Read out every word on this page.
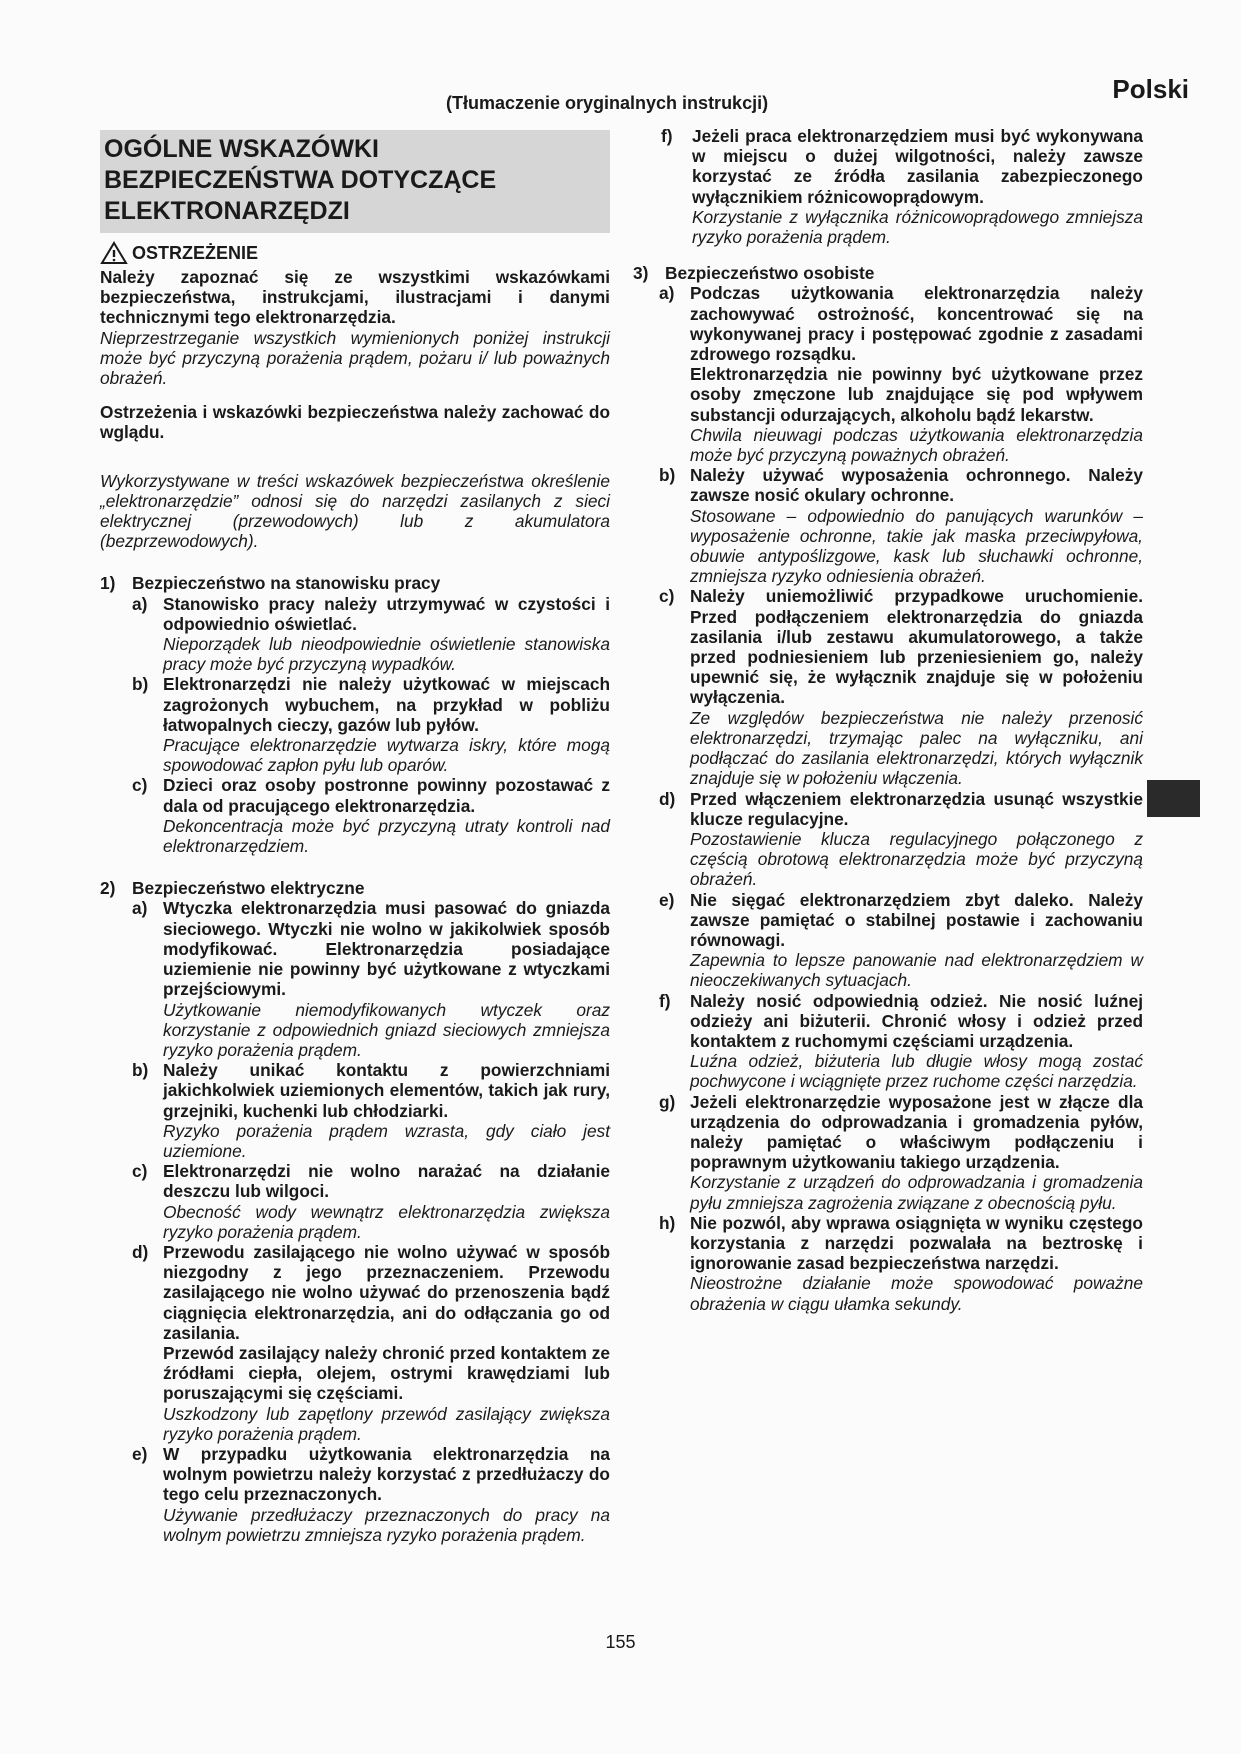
Polski
(Tłumaczenie oryginalnych instrukcji)
OGÓLNE WSKAZÓWKI BEZPIECZEŃSTWA DOTYCZĄCE ELEKTRONARZĘDZI
OSTRZEŻENIE

Należy zapoznać się ze wszystkimi wskazówkami bezpieczeństwa, instrukcjami, ilustracjami i danymi technicznymi tego elektronarzędzia.

Nieprzestrzeganie wszystkich wymienionych poniżej instrukcji może być przyczyną porażenia prądem, pożaru i/ lub poważnych obrażeń.

Ostrzeżenia i wskazówki bezpieczeństwa należy zachować do wglądu.

Wykorzystywane w treści wskazówek bezpieczeństwa określenie „elektronarzędzie” odnosi się do narzędzi zasilanych z sieci elektrycznej (przewodowych) lub z akumulatora (bezprzewodowych).

1) Bezpieczeństwo na stanowisku pracy
a) Stanowisko pracy należy utrzymywać w czystości i odpowiednio oświetlać.

Nieporządek lub nieodpowiednie oświetlenie stanowiska pracy może być przyczyną wypadków.

b) Elektronarzędzi nie należy użytkować w miejscach zagrożonych wybuchem, na przykład w pobliżu łatwopalnych cieczy, gazów lub pyłów.

Pracujące elektronarzędzie wytwarza iskry, które mogą spowodować zapłon pyłu lub oparów.

c) Dzieci oraz osoby postronne powinny pozostawać z dala od pracującego elektronarzędzia.

Dekoncentracja może być przyczyną utraty kontroli nad elektronarzędziem.

2) Bezpieczeństwo elektryczne
a) Wtyczka elektronarzędzia musi pasować do gniazda sieciowego. Wtyczki nie wolno w jakikolwiek sposób modyfikować. Elektronarzędzia posiadające uziemienie nie powinny być użytkowane z wtyczkami przejściowymi.

Użytkowanie niemodyfikowanych wtyczek oraz korzystanie z odpowiednich gniazd sieciowych zmniejsza ryzyko porażenia prądem.

b) Należy unikać kontaktu z powierzchniami jakichkolwiek uziemionych elementów, takich jak rury, grzejniki, kuchenki lub chłodziarki.

Ryzyko porażenia prądem wzrasta, gdy ciało jest uziemione.

c) Elektronarzędzi nie wolno narażać na działanie deszczu lub wilgoci.

Obecność wody wewnątrz elektronarzędzia zwiększa ryzyko porażenia prądem.

d) Przewodu zasilającego nie wolno używać w sposób niezgodny z jego przeznaczeniem. Przewodu zasilającego nie wolno używać do przenoszenia bądź ciągnięcia elektronarzędzia, ani do odłączania go od zasilania.

Przewód zasilający należy chronić przed kontaktem ze źródłami ciepła, olejem, ostrymi krawędziami lub poruszającymi się częściami.

Uszkodzony lub zapętlony przewód zasilający zwiększa ryzyko porażenia prądem.

e) W przypadku użytkowania elektronarzędzia na wolnym powietrzu należy korzystać z przedłużaczy do tego celu przeznaczonych.

Używanie przedłużaczy przeznaczonych do pracy na wolnym powietrzu zmniejsza ryzyko porażenia prądem.

f)	Jeżeli praca elektronarzędziem musi być wykonywana w miejscu o dużej wilgotności, należy zawsze korzystać ze źródła zasilania zabezpieczonego wyłącznikiem różnicowoprądowym.

Korzystanie z wyłącznika różnicowoprądowego zmniejsza ryzyko porażenia prądem.

3) Bezpieczeństwo osobiste
a) Podczas użytkowania elektronarzędzia należy zachowywać ostrożność, koncentrować się na wykonywanej pracy i postępować zgodnie z zasadami zdrowego rozsądku.

Elektronarzędzia nie powinny być użytkowane przez osoby zmęczone lub znajdujące się pod wpływem substancji odurzających, alkoholu bądź lekarstw.

Chwila nieuwagi podczas użytkowania elektronarzędzia może być przyczyną poważnych obrażeń.

b) Należy używać wyposażenia ochronnego. Należy zawsze nosić okulary ochronne.

Stosowane – odpowiednio do panujących warunków – wyposażenie ochronne, takie jak maska przeciwpyłowa, obuwie antypoślizgowe, kask lub słuchawki ochronne, zmniejsza ryzyko odniesienia obrażeń.

c) Należy uniemożliwić przypadkowe uruchomienie. Przed podłączeniem elektronarzędzia do gniazda zasilania i/lub zestawu akumulatorowego, a także przed podniesieniem lub przeniesieniem go, należy upewnić się, że wyłącznik znajduje się w położeniu wyłączenia.

Ze względów bezpieczeństwa nie należy przenosić elektronarzędzi, trzymając palec na wyłączniku, ani podłączać do zasilania elektronarzędzi, których wyłącznik znajduje się w położeniu włączenia.

d) Przed włączeniem elektronarzędzia usunąć wszystkie klucze regulacyjne.

Pozostawienie klucza regulacyjnego połączonego z częścią obrotową elektronarzędzia może być przyczyną obrażeń.

e) Nie sięgać elektronarzędziem zbyt daleko. Należy zawsze pamiętać o stabilnej postawie i zachowaniu równowagi.

Zapewnia to lepsze panowanie nad elektronarzędziem w nieoczekiwanych sytuacjach.

f)	Należy nosić odpowiednią odzież. Nie nosić luźnej odzieży ani biżuterii. Chronić włosy i odzież przed kontaktem z ruchomymi częściami urządzenia.

Luźna odzież, biżuteria lub długie włosy mogą zostać pochwycone i wciągnięte przez ruchome części narzędzia.

g) Jeżeli elektronarzędzie wyposażone jest w złącze dla urządzenia do odprowadzania i gromadzenia pyłów, należy pamiętać o właściwym podłączeniu i poprawnym użytkowaniu takiego urządzenia.

Korzystanie z urządzeń do odprowadzania i gromadzenia pyłu zmniejsza zagrożenia związane z obecnością pyłu.

h) Nie pozwól, aby wprawa osiągnięta w wyniku częstego korzystania z narzędzi pozwalała na beztroskę i ignorowanie zasad bezpieczeństwa narzędzi.

Nieostrożne działanie może spowodować poważne obrażenia w ciągu ułamka sekundy.

155
